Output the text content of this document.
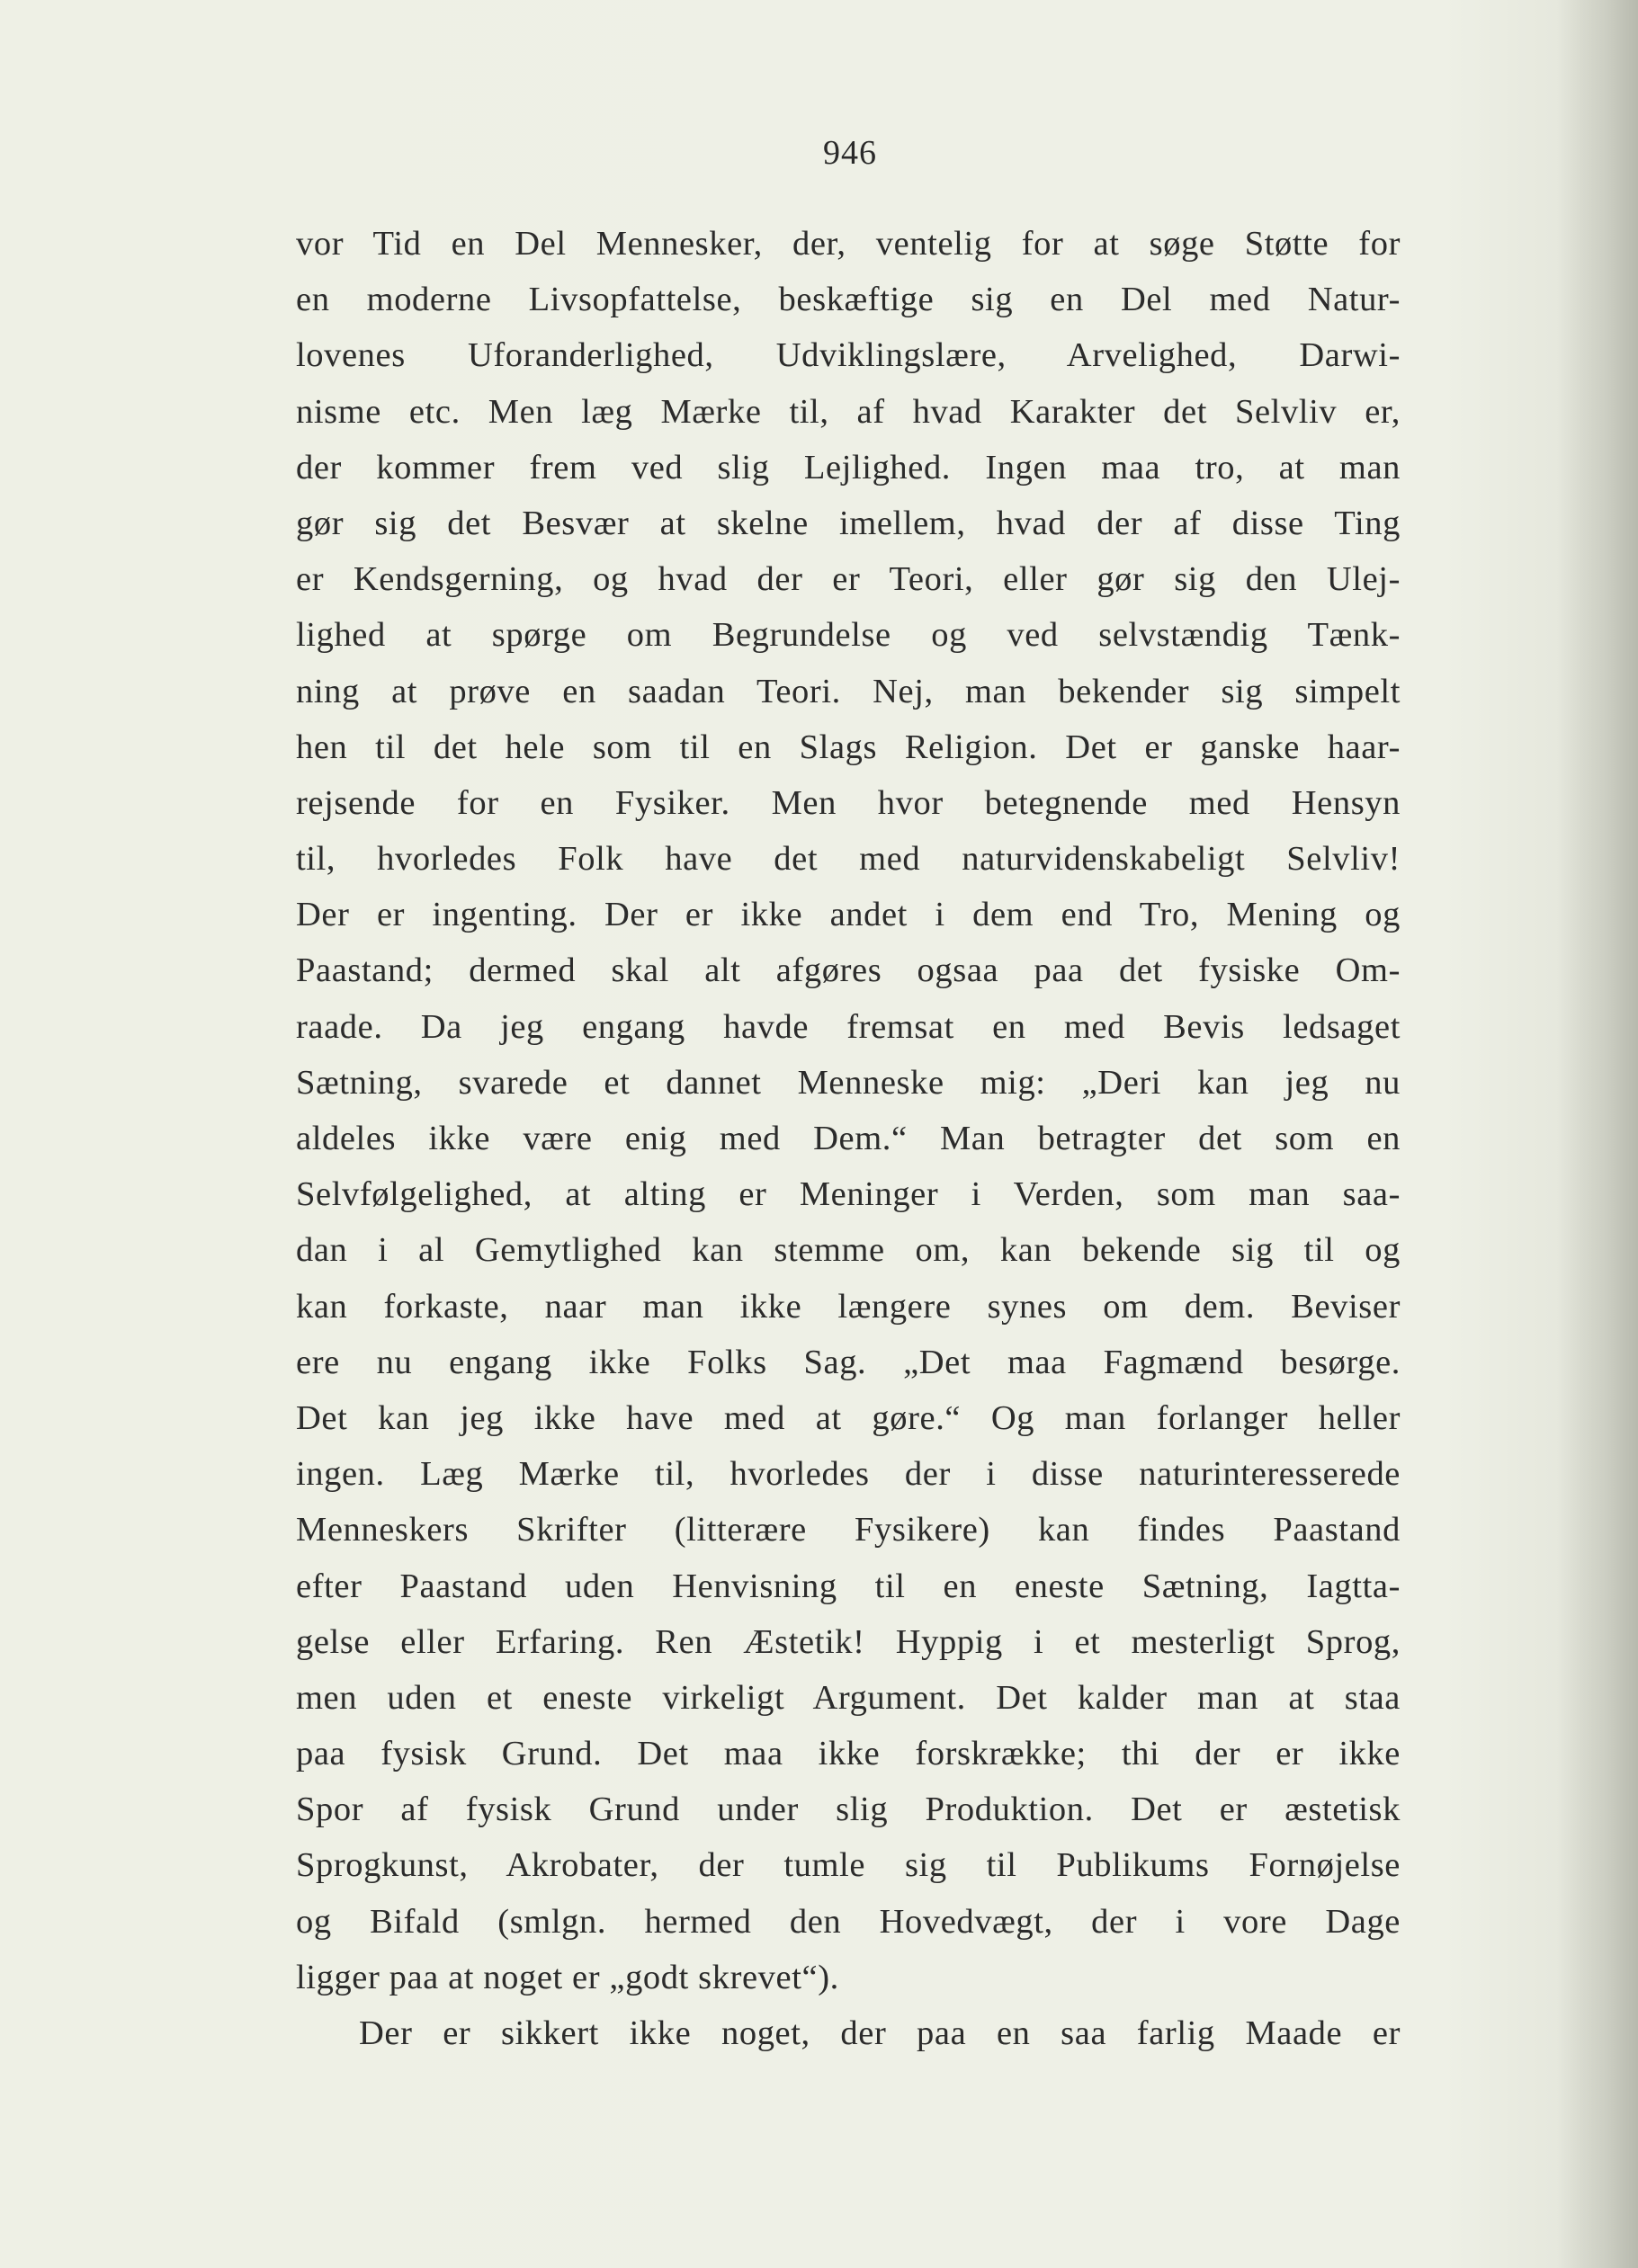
946
vor Tid en Del Mennesker, der, ventelig for at søge Støtte for
en moderne Livsopfattelse, beskæftige sig en Del med Natur-
lovenes Uforanderlighed, Udviklingslære, Arvelighed, Darwi-
nisme etc. Men læg Mærke til, af hvad Karakter det Selvliv er,
der kommer frem ved slig Lejlighed. Ingen maa tro, at man
gør sig det Besvær at skelne imellem, hvad der af disse Ting
er Kendsgerning, og hvad der er Teori, eller gør sig den Ulej-
lighed at spørge om Begrundelse og ved selvstændig Tænk-
ning at prøve en saadan Teori. Nej, man bekender sig simpelt
hen til det hele som til en Slags Religion. Det er ganske haar-
rejsende for en Fysiker. Men hvor betegnende med Hensyn
til, hvorledes Folk have det med naturvidenskabeligt Selvliv!
Der er ingenting. Der er ikke andet i dem end Tro, Mening og
Paastand; dermed skal alt afgøres ogsaa paa det fysiske Om-
raade. Da jeg engang havde fremsat en med Bevis ledsaget
Sætning, svarede et dannet Menneske mig: „Deri kan jeg nu
aldeles ikke være enig med Dem.“ Man betragter det som en
Selvfølgelighed, at alting er Meninger i Verden, som man saa-
dan i al Gemytlighed kan stemme om, kan bekende sig til og
kan forkaste, naar man ikke længere synes om dem. Beviser
ere nu engang ikke Folks Sag. „Det maa Fagmænd besørge.
Det kan jeg ikke have med at gøre.“ Og man forlanger heller
ingen. Læg Mærke til, hvorledes der i disse naturinteresserede
Menneskers Skrifter (litterære Fysikere) kan findes Paastand
efter Paastand uden Henvisning til en eneste Sætning, Iagtta-
gelse eller Erfaring. Ren Æstetik! Hyppig i et mesterligt Sprog,
men uden et eneste virkeligt Argument. Det kalder man at staa
paa fysisk Grund. Det maa ikke forskrække; thi der er ikke
Spor af fysisk Grund under slig Produktion. Det er æstetisk
Sprogkunst, Akrobater, der tumle sig til Publikums Fornøjelse
og Bifald (smlgn. hermed den Hovedvægt, der i vore Dage
ligger paa at noget er „godt skrevet“).
Der er sikkert ikke noget, der paa en saa farlig Maade er
